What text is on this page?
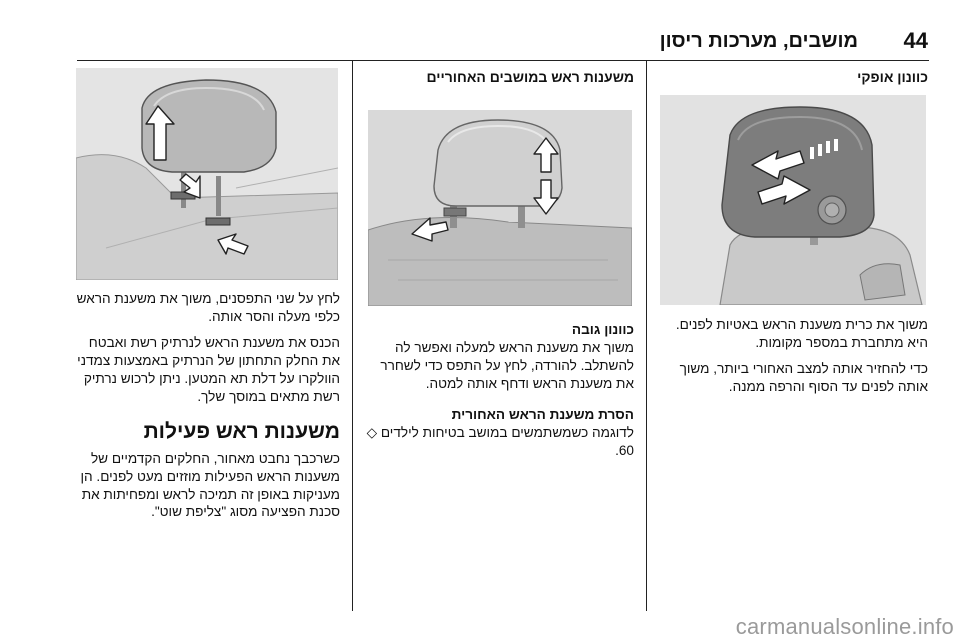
44
מושבים, מערכות ריסון

כוונון אופקי

משוך את כרית משענת הראש באטיות לפנים. היא מתחברת במספר מקומות.

כדי להחזיר אותה למצב האחורי ביותר, משוך אותה לפנים עד הסוף והרפה ממנה.

משענות ראש במושבים האחוריים

כוונון גובה

משוך את משענת הראש למעלה ואפשר לה להשתלב. להורדה, לחץ על התפס כדי לשחרר את משענת הראש ודחף אותה למטה.

הסרת משענת הראש האחורית

לדוגמה כשמשתמשים במושב בטיחות לילדים ◇ 60.

לחץ על שני התפסנים, משוך את משענת הראש כלפי מעלה והסר אותה.

הכנס את משענת הראש לנרתיק רשת ואבטח את החלק התחתון של הנרתיק באמצעות צמדני הוולקרו על דלת תא המטען. ניתן לרכוש נרתיק רשת מתאים במוסך שלך.

משענות ראש פעילות

כשרכבך נחבט מאחור, החלקים הקדמיים של משענות הראש הפעילות מוזזים מעט לפנים. הן מעניקות באופן זה תמיכה לראש ומפחיתות את סכנת הפציעה מסוג "צליפת שוט".

carmanualsonline.info
